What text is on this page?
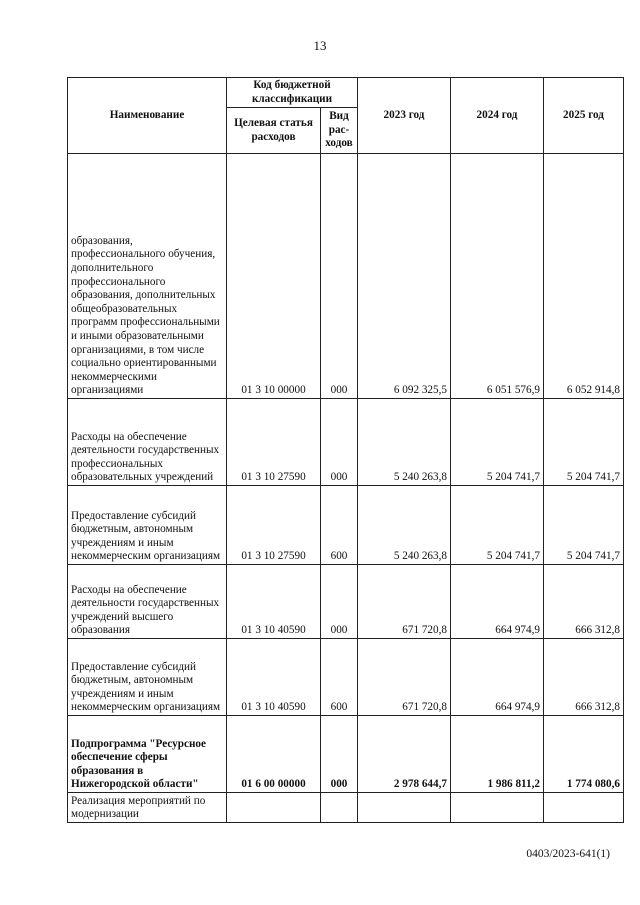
13
Наименование	Код бюджетной классификации		2023 год	2024 год	2025 год
	Целевая статья расходов	Вид рас-ходов			
образования, профессионального обучения, дополнительного профессионального образования, дополнительных общеобразовательных программ профессиональными и иными образовательными организациями, в том числе социально ориентированными некоммерческими организациями	01 3 10 00000	000	6 092 325,5	6 051 576,9	6 052 914,8
Расходы на обеспечение деятельности государственных профессиональных образовательных учреждений	01 3 10 27590	000	5 240 263,8	5 204 741,7	5 204 741,7
Предоставление субсидий бюджетным, автономным учреждениям и иным некоммерческим организациям	01 3 10 27590	600	5 240 263,8	5 204 741,7	5 204 741,7
Расходы на обеспечение деятельности государственных учреждений высшего образования	01 3 10 40590	000	671 720,8	664 974,9	666 312,8
Предоставление субсидий бюджетным, автономным учреждениям и иным некоммерческим организациям	01 3 10 40590	600	671 720,8	664 974,9	666 312,8
Подпрограмма "Ресурсное обеспечение сферы образования в Нижегородской области"	01 6 00 00000	000	2 978 644,7	1 986 811,2	1 774 080,6
Реализация мероприятий по модернизации					
0403/2023-641(1)
